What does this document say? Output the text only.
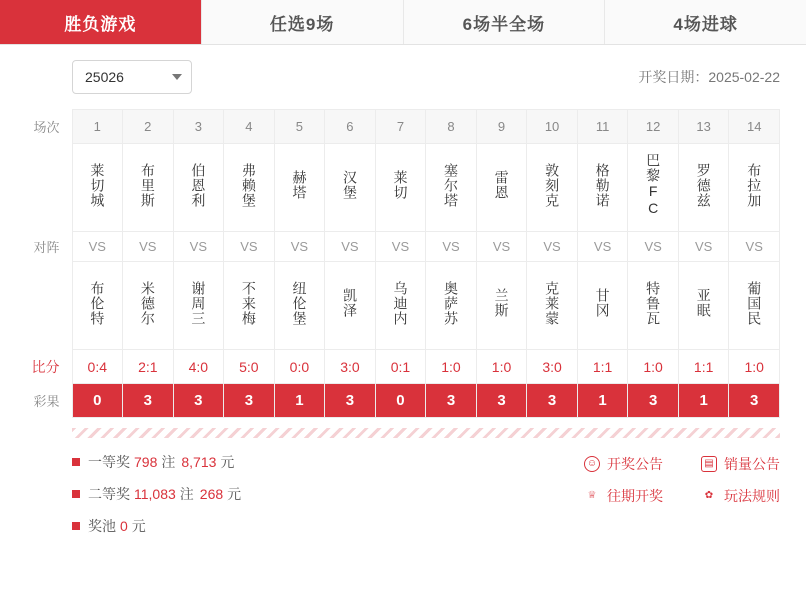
胜负游戏	任选9场	6场半全场	4场进球
25026
开奖日期：2025-02-22
场次	1	2	3	4	5	6	7	8	9	10	11	12	13	14
对阵	莱切城	布里斯	伯恩利	弗赖堡	赫塔	汉堡	莱切	塞尔塔	雷恩	敦刻克	格勒诺	巴黎FC	罗德兹	布拉加
	VS	VS	VS	VS	VS	VS	VS	VS	VS	VS	VS	VS	VS	VS
	布伦特	米德尔	谢周三	不来梅	纽伦堡	凯泽	乌迪内	奥萨苏	兰斯	克莱蒙	甘冈	特鲁瓦	亚眠	葡国民
比分	0:4	2:1	4:0	5:0	0:0	3:0	0:1	1:0	1:0	3:0	1:1	1:0	1:1	1:0
彩果	0	3	3	3	1	3	0	3	3	3	1	3	1	3
一等奖 798 注 8,713 元
二等奖 11,083 注 268 元
奖池 0 元
☺ 开奖公告	▤ 销量公告
♕ 往期开奖	✿ 玩法规则
